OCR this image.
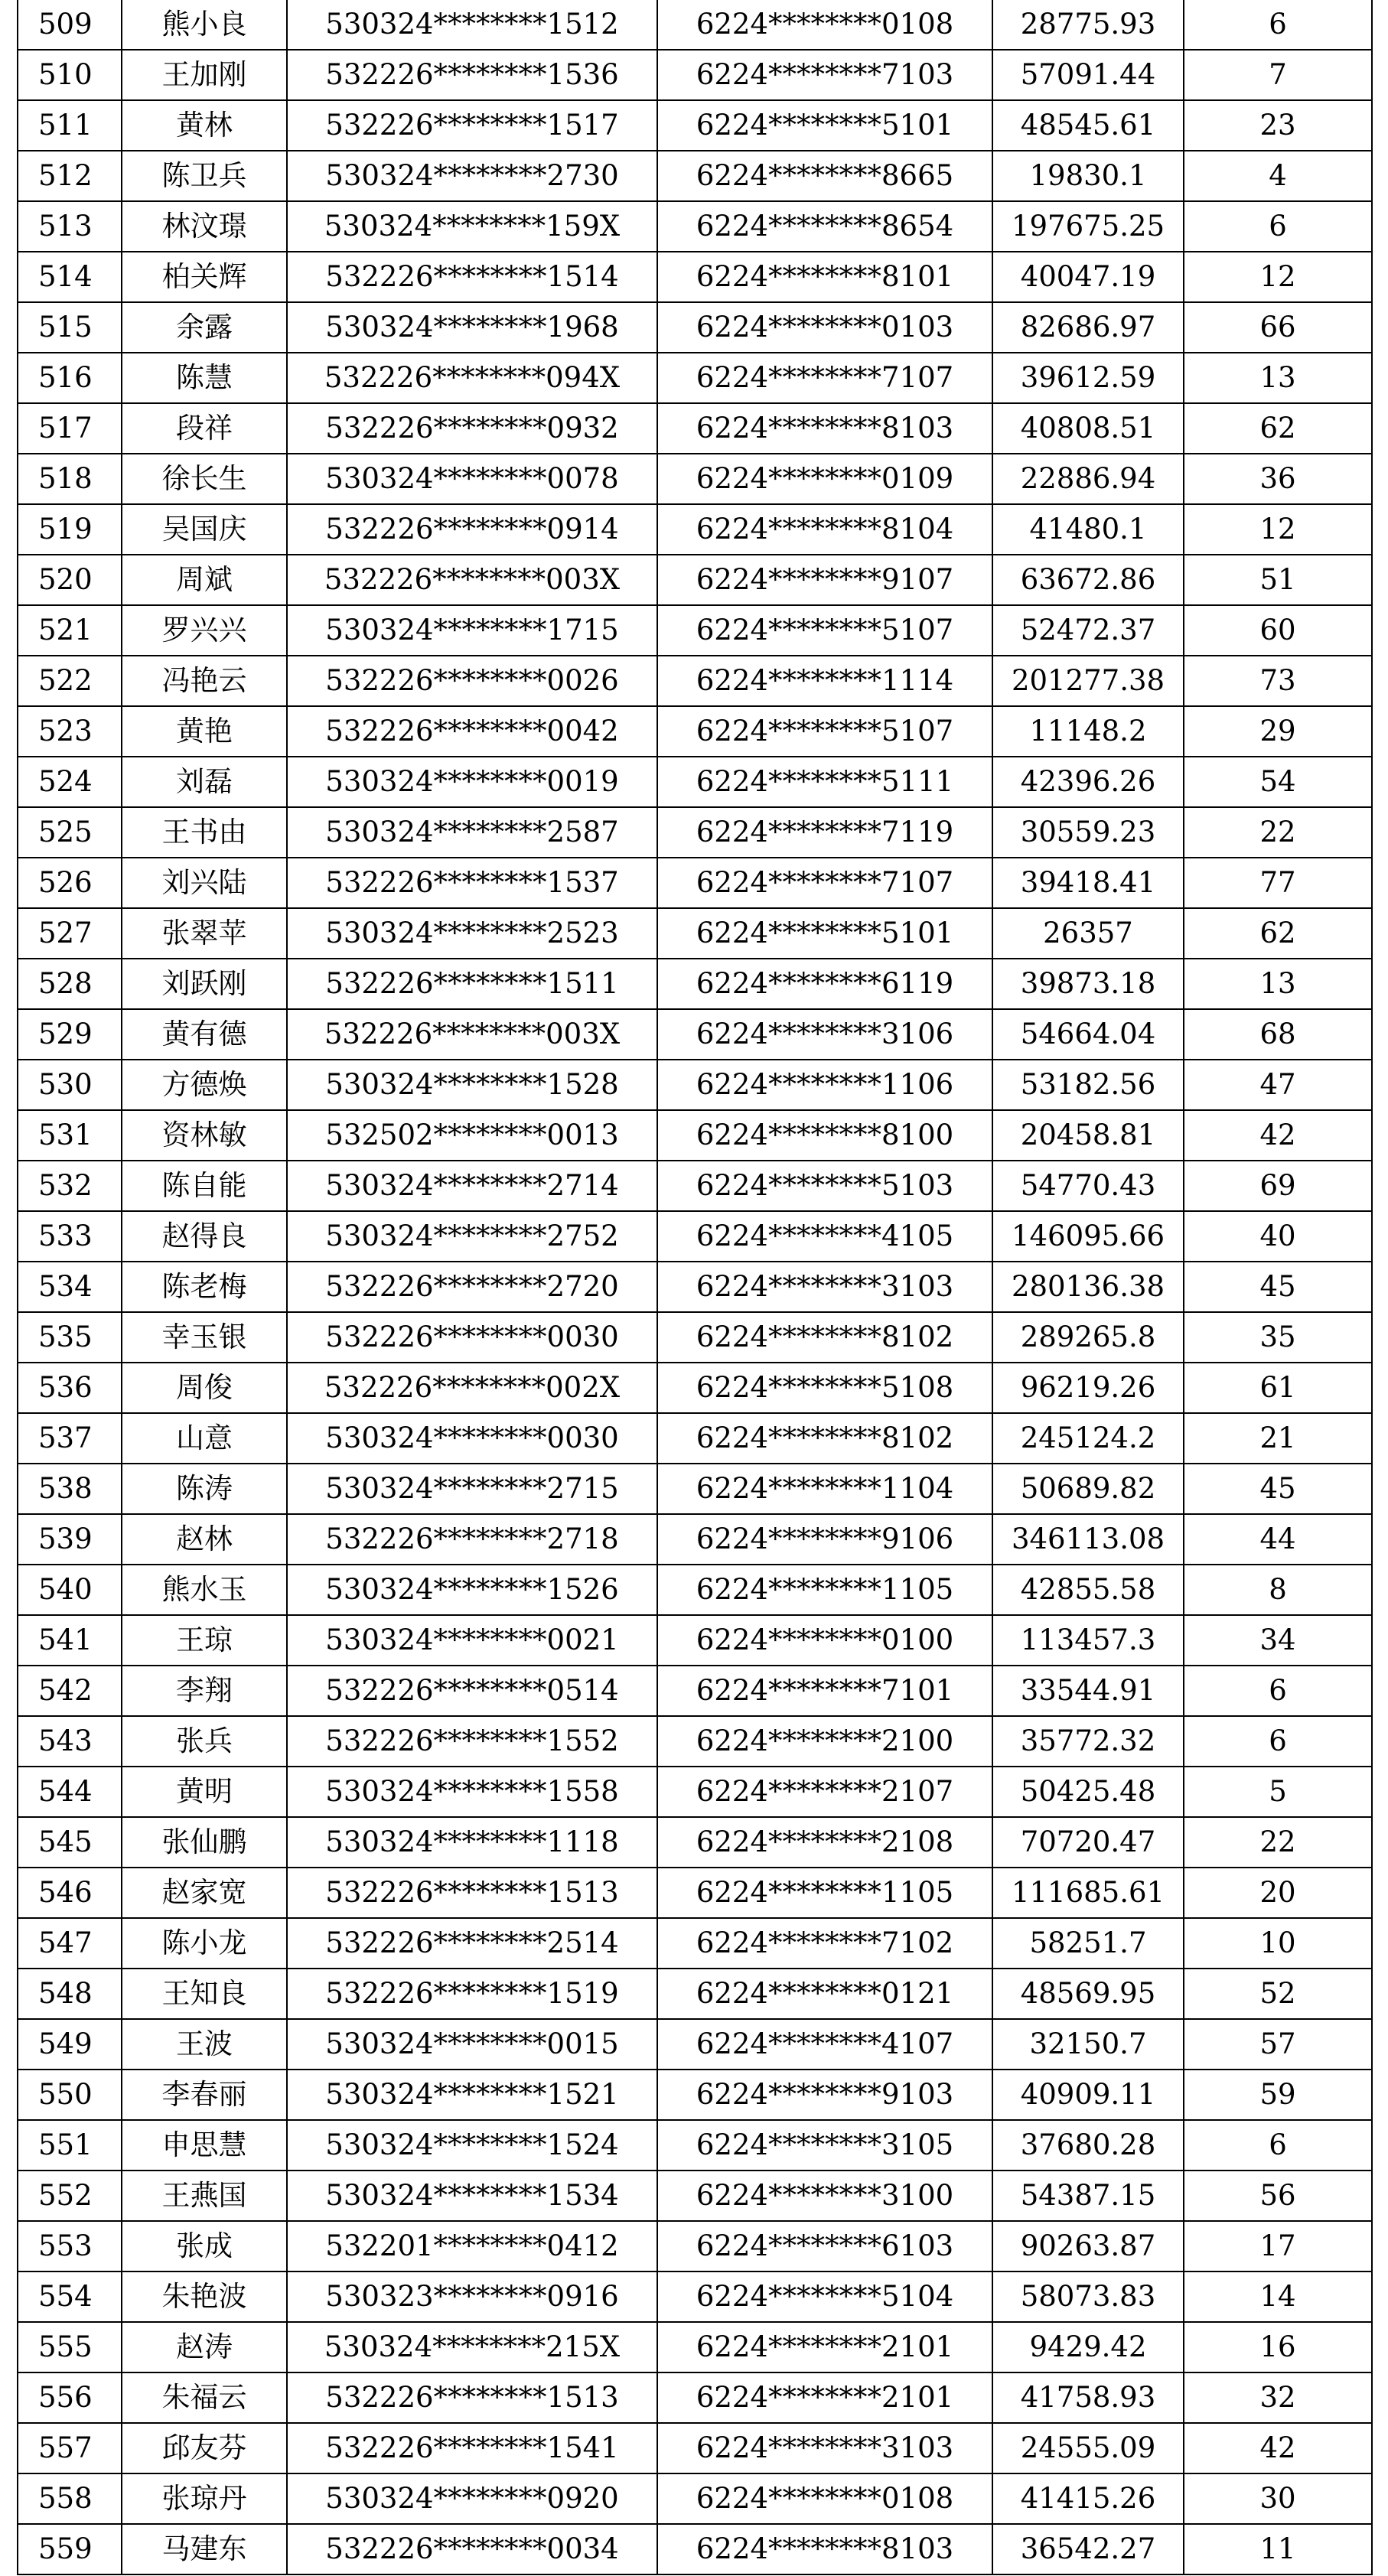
509	熊小良	530324********1512	6224********0108	28775.93	6
510	王加刚	532226********1536	6224********7103	57091.44	7
511	黄林	532226********1517	6224********5101	48545.61	23
512	陈卫兵	530324********2730	6224********8665	19830.1	4
513	林汶璟	530324********159X	6224********8654	197675.25	6
514	柏关辉	532226********1514	6224********8101	40047.19	12
515	余露	530324********1968	6224********0103	82686.97	66
516	陈慧	532226********094X	6224********7107	39612.59	13
517	段祥	532226********0932	6224********8103	40808.51	62
518	徐长生	530324********0078	6224********0109	22886.94	36
519	吴国庆	532226********0914	6224********8104	41480.1	12
520	周斌	532226********003X	6224********9107	63672.86	51
521	罗兴兴	530324********1715	6224********5107	52472.37	60
522	冯艳云	532226********0026	6224********1114	201277.38	73
523	黄艳	532226********0042	6224********5107	11148.2	29
524	刘磊	530324********0019	6224********5111	42396.26	54
525	王书由	530324********2587	6224********7119	30559.23	22
526	刘兴陆	532226********1537	6224********7107	39418.41	77
527	张翠苹	530324********2523	6224********5101	26357	62
528	刘跃刚	532226********1511	6224********6119	39873.18	13
529	黄有德	532226********003X	6224********3106	54664.04	68
530	方德焕	530324********1528	6224********1106	53182.56	47
531	资林敏	532502********0013	6224********8100	20458.81	42
532	陈自能	530324********2714	6224********5103	54770.43	69
533	赵得良	530324********2752	6224********4105	146095.66	40
534	陈老梅	532226********2720	6224********3103	280136.38	45
535	幸玉银	532226********0030	6224********8102	289265.8	35
536	周俊	532226********002X	6224********5108	96219.26	61
537	山意	530324********0030	6224********8102	245124.2	21
538	陈涛	530324********2715	6224********1104	50689.82	45
539	赵林	532226********2718	6224********9106	346113.08	44
540	熊水玉	530324********1526	6224********1105	42855.58	8
541	王琼	530324********0021	6224********0100	113457.3	34
542	李翔	532226********0514	6224********7101	33544.91	6
543	张兵	532226********1552	6224********2100	35772.32	6
544	黄明	530324********1558	6224********2107	50425.48	5
545	张仙鹏	530324********1118	6224********2108	70720.47	22
546	赵家宽	532226********1513	6224********1105	111685.61	20
547	陈小龙	532226********2514	6224********7102	58251.7	10
548	王知良	532226********1519	6224********0121	48569.95	52
549	王波	530324********0015	6224********4107	32150.7	57
550	李春丽	530324********1521	6224********9103	40909.11	59
551	申思慧	530324********1524	6224********3105	37680.28	6
552	王燕国	530324********1534	6224********3100	54387.15	56
553	张成	532201********0412	6224********6103	90263.87	17
554	朱艳波	530323********0916	6224********5104	58073.83	14
555	赵涛	530324********215X	6224********2101	9429.42	16
556	朱福云	532226********1513	6224********2101	41758.93	32
557	邱友芬	532226********1541	6224********3103	24555.09	42
558	张琼丹	530324********0920	6224********0108	41415.26	30
559	马建东	532226********0034	6224********8103	36542.27	11
